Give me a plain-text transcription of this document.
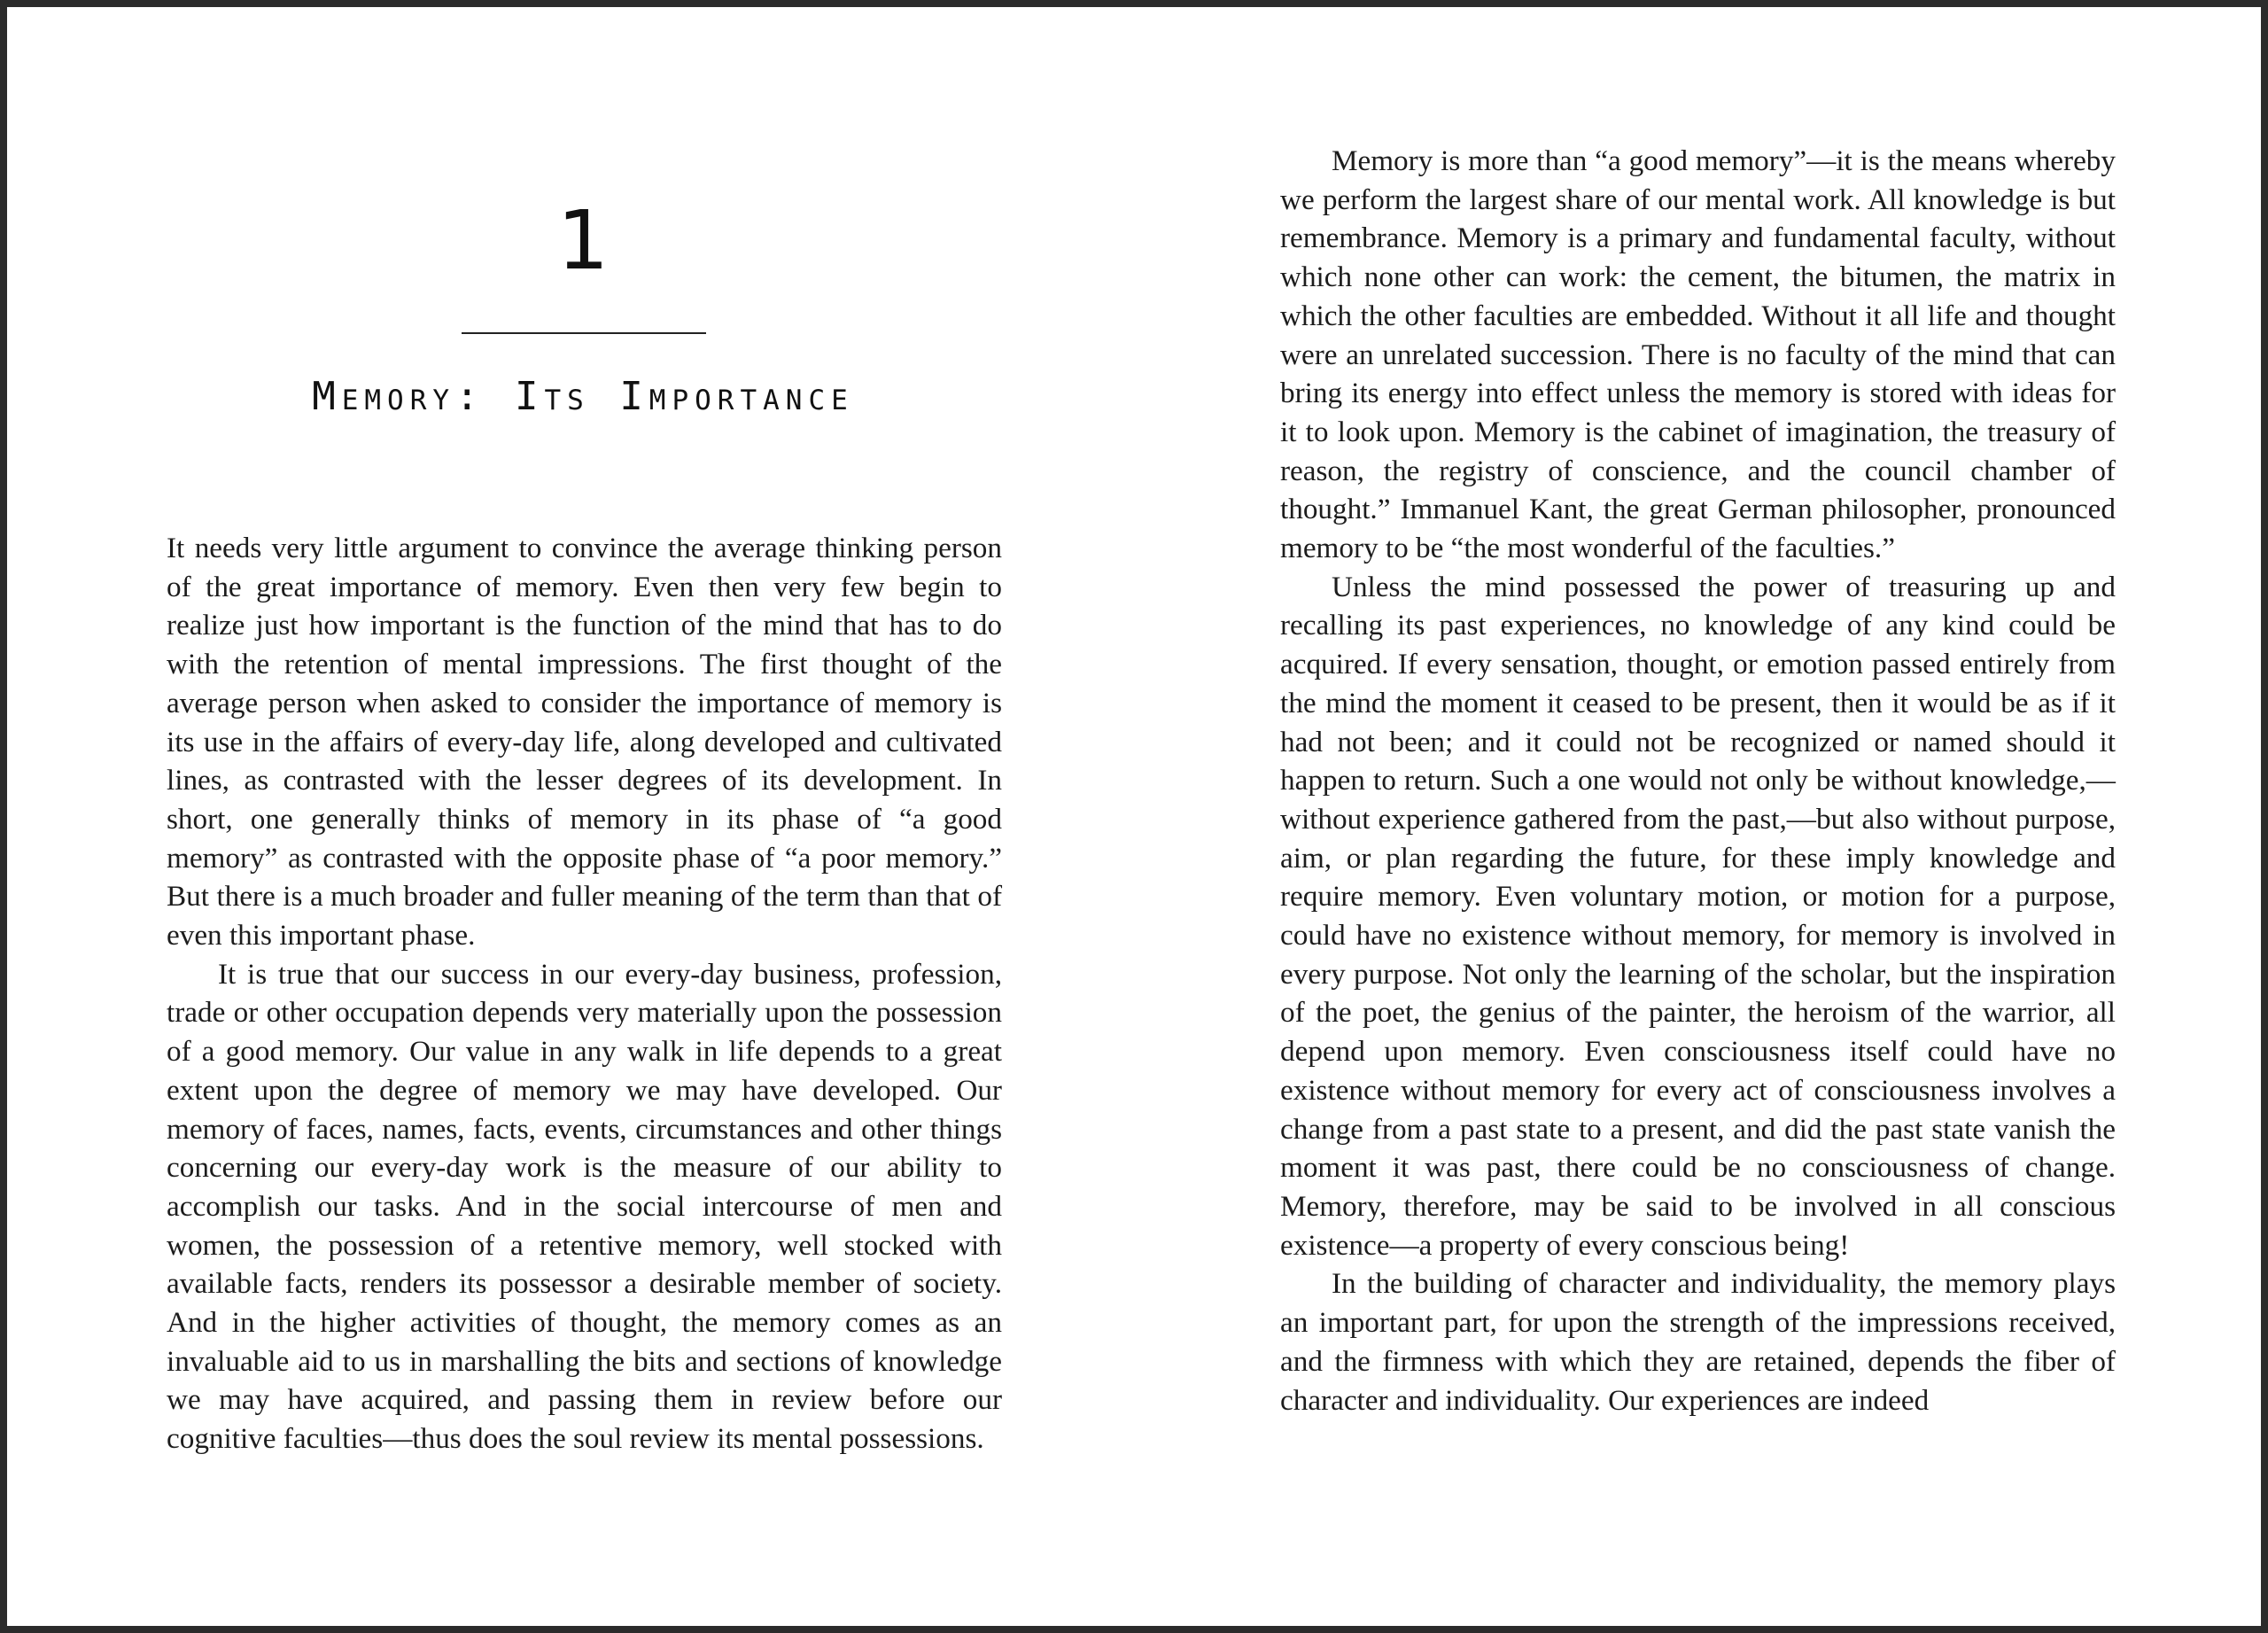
1
Memory: Its Importance

It needs very little argument to convince the average thinking person of the great importance of memory. Even then very few begin to realize just how important is the function of the mind that has to do with the retention of mental impressions. The first thought of the average person when asked to consider the importance of memory is its use in the affairs of every-day life, along developed and cultivated lines, as contrasted with the lesser degrees of its development. In short, one generally thinks of memory in its phase of “a good memory” as contrasted with the opposite phase of “a poor memory.” But there is a much broader and fuller meaning of the term than that of even this important phase.

It is true that our success in our every-day business, profession, trade or other occupation depends very materially upon the possession of a good memory. Our value in any walk in life depends to a great extent upon the degree of memory we may have developed. Our memory of faces, names, facts, events, circumstances and other things concerning our every-day work is the measure of our ability to accomplish our tasks. And in the social intercourse of men and women, the possession of a retentive memory, well stocked with available facts, renders its possessor a desirable member of society. And in the higher activities of thought, the memory comes as an invaluable aid to us in marshalling the bits and sections of knowledge we may have acquired, and passing them in review before our cognitive faculties—thus does the soul review its mental possessions.

Memory is more than “a good memory”—it is the means whereby we perform the largest share of our mental work. All knowledge is but remembrance. Memory is a primary and fundamental faculty, without which none other can work: the cement, the bitumen, the matrix in which the other faculties are embedded. Without it all life and thought were an unrelated succession. There is no faculty of the mind that can bring its energy into effect unless the memory is stored with ideas for it to look upon. Memory is the cabinet of imagination, the treasury of reason, the registry of conscience, and the council chamber of thought.” Immanuel Kant, the great German philosopher, pronounced memory to be “the most wonderful of the faculties.”

Unless the mind possessed the power of treasuring up and recalling its past experiences, no knowledge of any kind could be acquired. If every sensation, thought, or emotion passed entirely from the mind the moment it ceased to be present, then it would be as if it had not been; and it could not be recognized or named should it happen to return. Such a one would not only be without knowledge,—without experience gathered from the past,—but also without purpose, aim, or plan regarding the future, for these imply knowledge and require memory. Even voluntary motion, or motion for a purpose, could have no existence without memory, for memory is involved in every purpose. Not only the learning of the scholar, but the inspiration of the poet, the genius of the painter, the heroism of the warrior, all depend upon memory. Even consciousness itself could have no existence without memory for every act of consciousness involves a change from a past state to a present, and did the past state vanish the moment it was past, there could be no consciousness of change. Memory, therefore, may be said to be involved in all conscious existence—a property of every conscious being!

In the building of character and individuality, the memory plays an important part, for upon the strength of the impressions received, and the firmness with which they are retained, depends the fiber of character and individuality. Our experiences are indeed
